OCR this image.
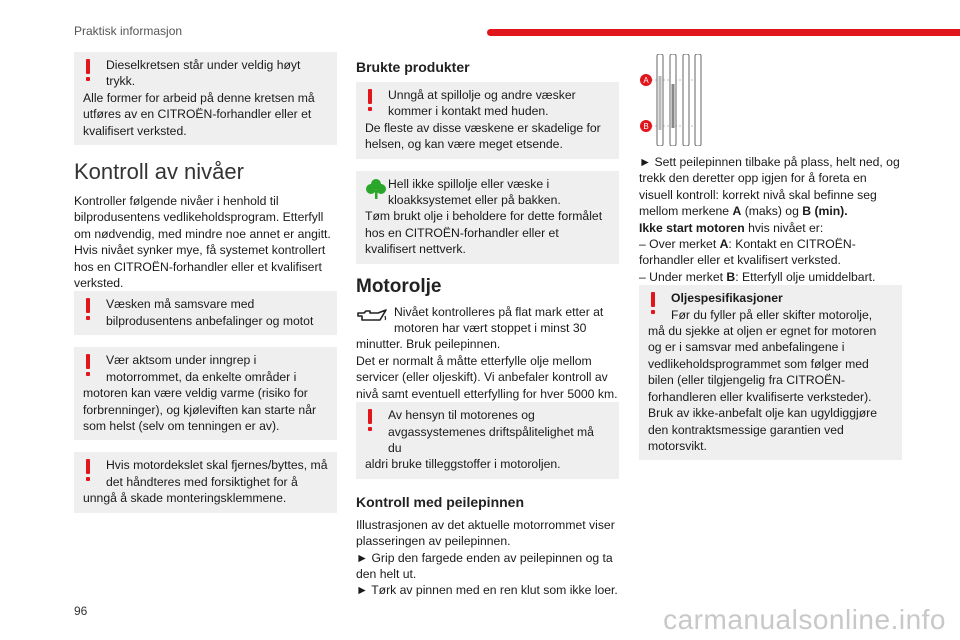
Praktisk informasjon

Dieselkretsen står under veldig høyt trykk.

Alle former for arbeid på denne kretsen må utføres av en CITROËN-forhandler eller et kvalifisert verksted.

Kontroll av nivåer

Kontroller følgende nivåer i henhold til bilprodusentens vedlikeholdsprogram. Etterfyll om nødvendig, med mindre noe annet er angitt. Hvis nivået synker mye, få systemet kontrollert hos en CITROËN-forhandler eller et kvalifisert verksted.

Væsken må samsvare med bilprodusentens anbefalinger og motot

Vær aktsom under inngrep i motorrommet, da enkelte områder i

motoren kan være veldig varme (risiko for forbrenninger), og kjøleviften kan starte når som helst (selv om tenningen er av).

Hvis motordekslet skal fjernes/byttes, må det håndteres med forsiktighet for å

unngå å skade monteringsklemmene.

Brukte produkter

Unngå at spillolje og andre væsker kommer i kontakt med huden.

De fleste av disse væskene er skadelige for helsen, og kan være meget etsende.

Hell ikke spillolje eller væske i kloakksystemet eller på bakken.

Tøm brukt olje i beholdere for dette formålet hos en CITROËN-forhandler eller et kvalifisert nettverk.

Motorolje

Nivået kontrolleres på flat mark etter at motoren har vært stoppet i minst 30

minutter. Bruk peilepinnen.

Det er normalt å måtte etterfylle olje mellom servicer (eller oljeskift). Vi anbefaler kontroll av nivå samt eventuell etterfylling for hver 5000 km.

Av hensyn til motorenes og avgassystemenes driftspålitelighet må du

aldri bruke tilleggstoffer i motoroljen.

Kontroll med peilepinnen

Illustrasjonen av det aktuelle motorrommet viser plasseringen av peilepinnen.

► Grip den fargede enden av peilepinnen og ta den helt ut.

► Tørk av pinnen med en ren klut som ikke loer.

A
B

► Sett peilepinnen tilbake på plass, helt ned, og trekk den deretter opp igjen for å foreta en visuell kontroll: korrekt nivå skal befinne seg mellom merkene A (maks) og B (min).

Ikke start motoren hvis nivået er:

– Over merket A: Kontakt en CITROËN-forhandler eller et kvalifisert verksted.

– Under merket B: Etterfyll olje umiddelbart.

Oljespesifikasjoner

Før du fyller på eller skifter motorolje,

må du sjekke at oljen er egnet for motoren og er i samsvar med anbefalingene i vedlikeholdsprogrammet som følger med bilen (eller tilgjengelig fra CITROËN-forhandleren eller kvalifiserte verksteder). Bruk av ikke-anbefalt olje kan ugyldiggjøre den kontraktsmessige garantien ved motorsvikt.

96	carmanualsonline.info
